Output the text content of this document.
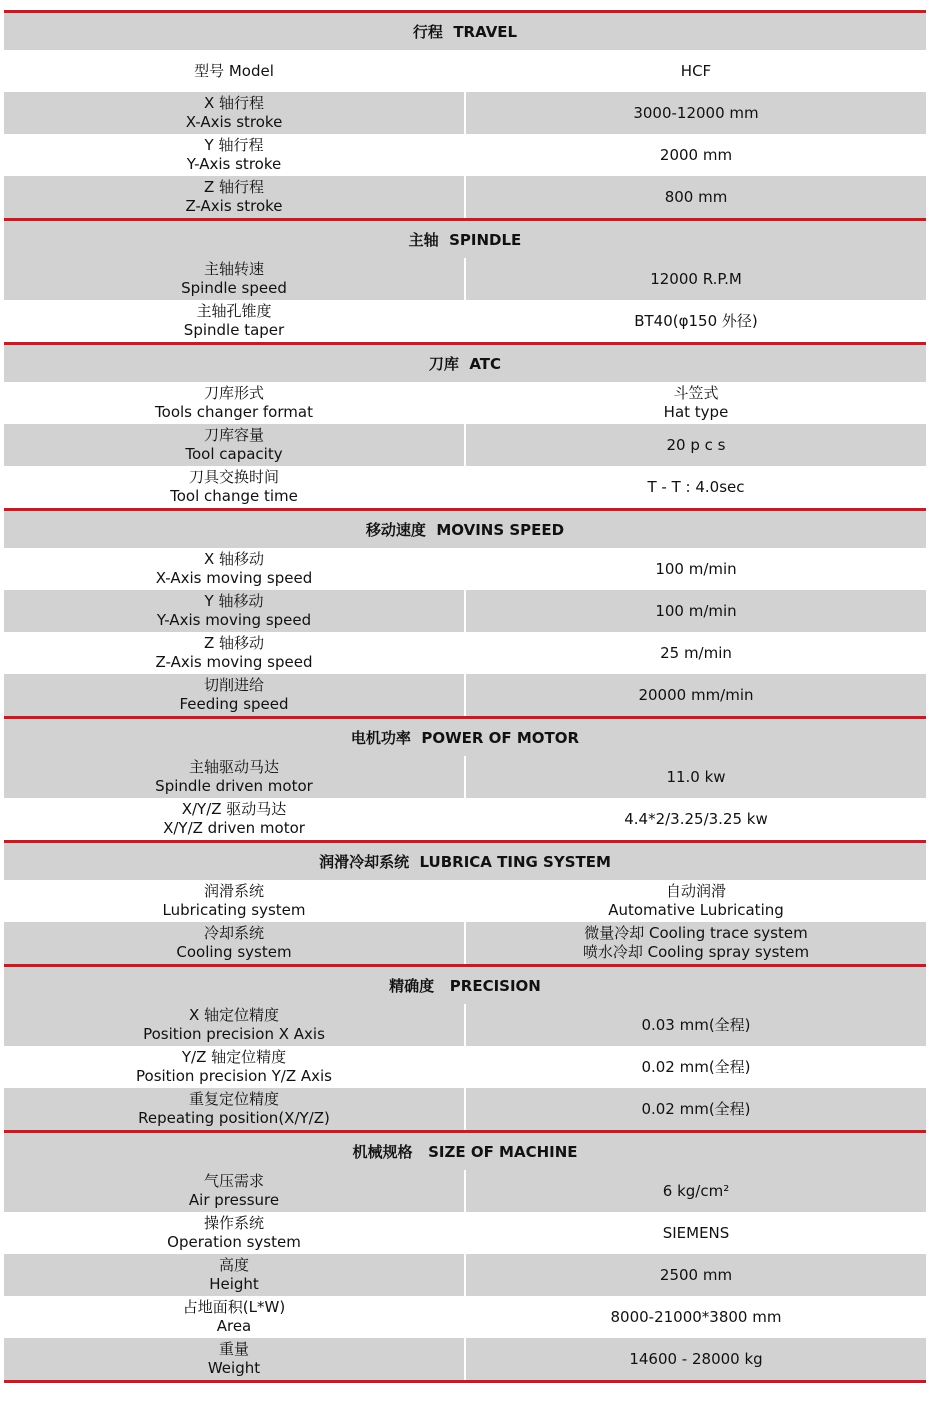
行程  TRAVEL
型号 Model	HCF
X 轴行程
X-Axis stroke
3000-12000 mm
Y 轴行程
Y-Axis stroke
2000 mm
Z 轴行程
Z-Axis stroke
800 mm
主轴  SPINDLE
主轴转速
Spindle speed
12000 R.P.M
主轴孔锥度
Spindle taper
BT40(φ150 外径)
刀库  ATC
刀库形式
Tools changer format
斗笠式
Hat type
刀库容量
Tool capacity
20 p c s
刀具交换时间
Tool change time
T - T : 4.0sec
移动速度  MOVINS SPEED
X 轴移动
X-Axis moving speed
100 m/min
Y 轴移动
Y-Axis moving speed
100 m/min
Z 轴移动
Z-Axis moving speed
25 m/min
切削进给
Feeding speed
20000 mm/min
电机功率  POWER OF MOTOR
主轴驱动马达
Spindle driven motor
11.0 kw
X/Y/Z 驱动马达
X/Y/Z driven motor
4.4*2/3.25/3.25 kw
润滑冷却系统  LUBRICA TING SYSTEM
润滑系统
Lubricating system
自动润滑
Automative Lubricating
冷却系统
Cooling system
微量冷却 Cooling trace system
喷水冷却 Cooling spray system
精确度   PRECISION
X 轴定位精度
Position precision X Axis
0.03 mm(全程)
Y/Z 轴定位精度
Position precision Y/Z Axis
0.02 mm(全程)
重复定位精度
Repeating position(X/Y/Z)
0.02 mm(全程)
机械规格   SIZE OF MACHINE
气压需求
Air pressure
6 kg/cm²
操作系统
Operation system
SIEMENS
高度
Height
2500 mm
占地面积(L*W)
Area
8000-21000*3800 mm
重量
Weight
14600 - 28000 kg
